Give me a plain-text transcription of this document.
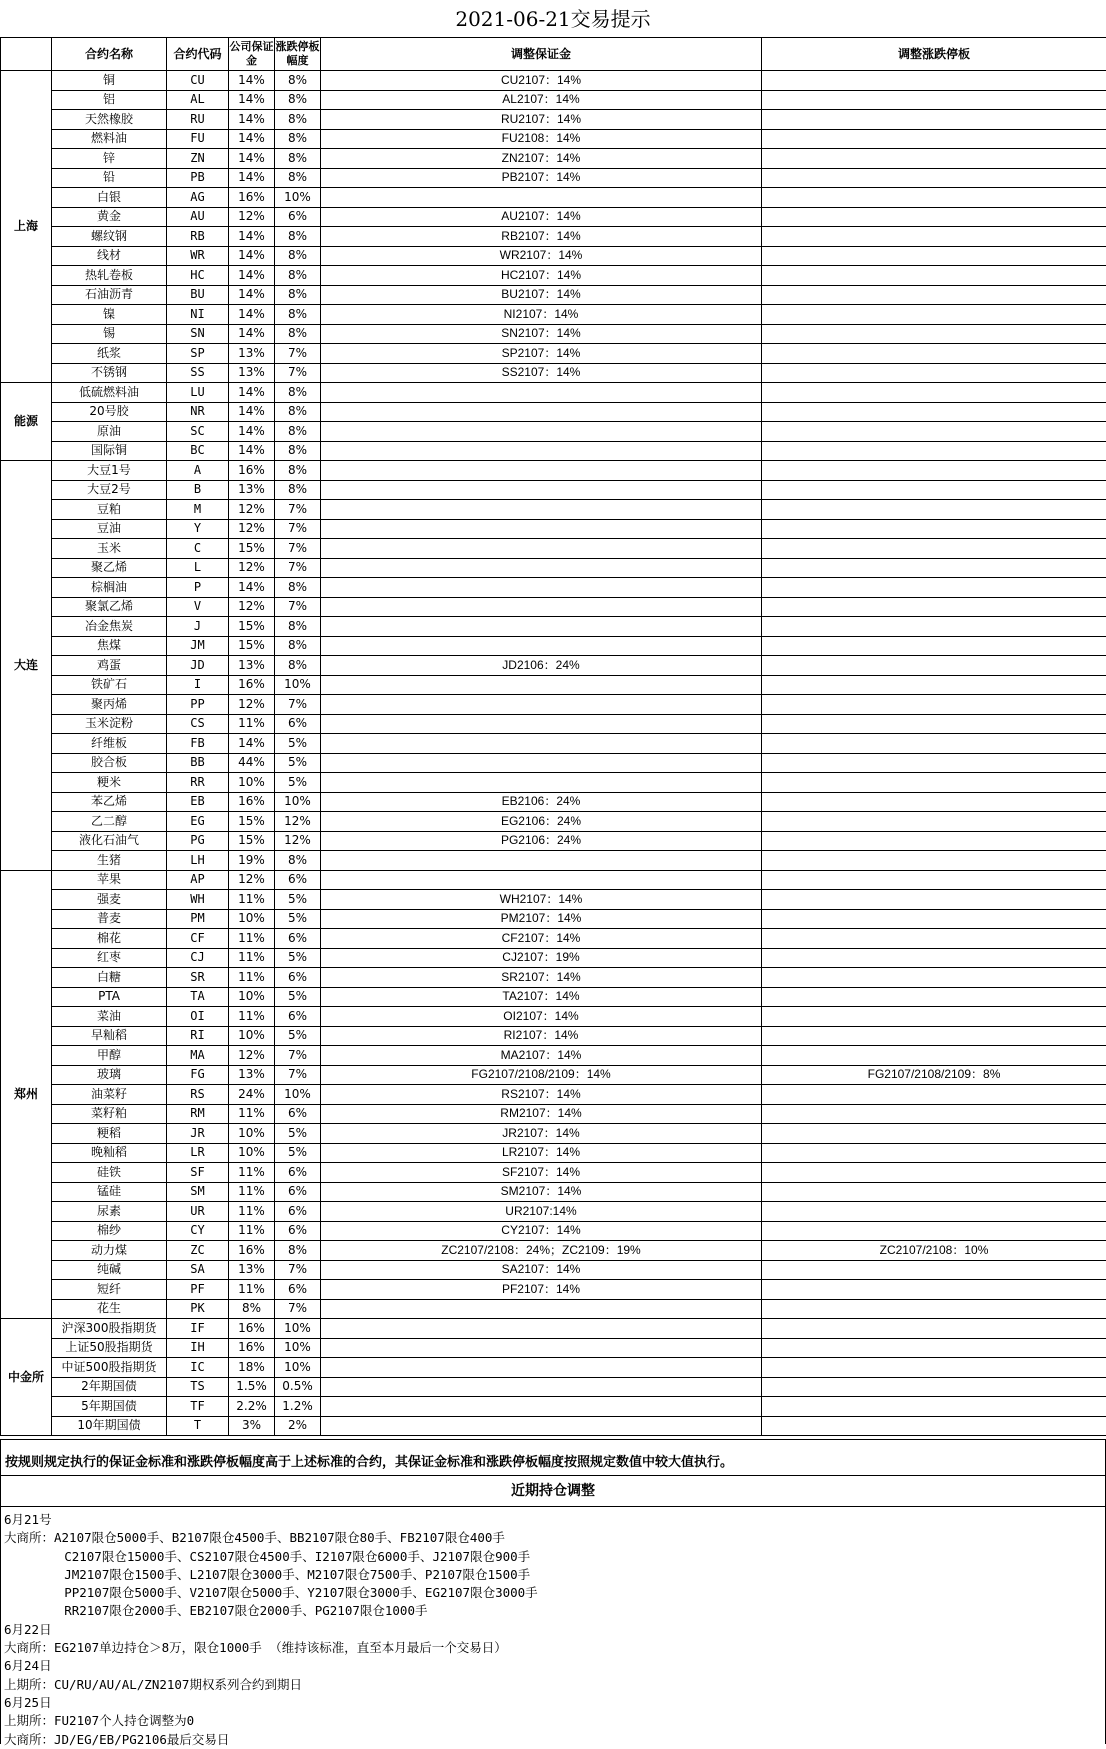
2021-06-21交易提示
	合约名称	合约代码	公司保证金	涨跌停板幅度	调整保证金	调整涨跌停板
上海	铜	CU	14%	8%	CU2107：14%	
	铝	AL	14%	8%	AL2107：14%	
	天然橡胶	RU	14%	8%	RU2107：14%	
	燃料油	FU	14%	8%	FU2108：14%	
	锌	ZN	14%	8%	ZN2107：14%	
	铅	PB	14%	8%	PB2107：14%	
	白银	AG	16%	10%		
	黄金	AU	12%	6%	AU2107：14%	
	螺纹钢	RB	14%	8%	RB2107：14%	
	线材	WR	14%	8%	WR2107：14%	
	热轧卷板	HC	14%	8%	HC2107：14%	
	石油沥青	BU	14%	8%	BU2107：14%	
	镍	NI	14%	8%	NI2107：14%	
	锡	SN	14%	8%	SN2107：14%	
	纸浆	SP	13%	7%	SP2107：14%	
	不锈钢	SS	13%	7%	SS2107：14%	
能源	低硫燃料油	LU	14%	8%		
	20号胶	NR	14%	8%		
	原油	SC	14%	8%		
	国际铜	BC	14%	8%		
大连	大豆1号	A	16%	8%		
	大豆2号	B	13%	8%		
	豆粕	M	12%	7%		
	豆油	Y	12%	7%		
	玉米	C	15%	7%		
	聚乙烯	L	12%	7%		
	棕榈油	P	14%	8%		
	聚氯乙烯	V	12%	7%		
	冶金焦炭	J	15%	8%		
	焦煤	JM	15%	8%		
	鸡蛋	JD	13%	8%	JD2106：24%	
	铁矿石	I	16%	10%		
	聚丙烯	PP	12%	7%		
	玉米淀粉	CS	11%	6%		
	纤维板	FB	14%	5%		
	胶合板	BB	44%	5%		
	粳米	RR	10%	5%		
	苯乙烯	EB	16%	10%	EB2106：24%	
	乙二醇	EG	15%	12%	EG2106：24%	
	液化石油气	PG	15%	12%	PG2106：24%	
	生猪	LH	19%	8%		
郑州	苹果	AP	12%	6%		
	强麦	WH	11%	5%	WH2107：14%	
	普麦	PM	10%	5%	PM2107：14%	
	棉花	CF	11%	6%	CF2107：14%	
	红枣	CJ	11%	5%	CJ2107：19%	
	白糖	SR	11%	6%	SR2107：14%	
	PTA	TA	10%	5%	TA2107：14%	
	菜油	OI	11%	6%	OI2107：14%	
	早籼稻	RI	10%	5%	RI2107：14%	
	甲醇	MA	12%	7%	MA2107：14%	
	玻璃	FG	13%	7%	FG2107/2108/2109：14%	FG2107/2108/2109：8%
	油菜籽	RS	24%	10%	RS2107：14%	
	菜籽粕	RM	11%	6%	RM2107：14%	
	粳稻	JR	10%	5%	JR2107：14%	
	晚籼稻	LR	10%	5%	LR2107：14%	
	硅铁	SF	11%	6%	SF2107：14%	
	锰硅	SM	11%	6%	SM2107：14%	
	尿素	UR	11%	6%	UR2107:14%	
	棉纱	CY	11%	6%	CY2107：14%	
	动力煤	ZC	16%	8%	ZC2107/2108：24%；ZC2109：19%	ZC2107/2108：10%
	纯碱	SA	13%	7%	SA2107：14%	
	短纤	PF	11%	6%	PF2107：14%	
	花生	PK	8%	7%		
中金所	沪深300股指期货	IF	16%	10%		
	上证50股指期货	IH	16%	10%		
	中证500股指期货	IC	18%	10%		
	2年期国债	TS	1.5%	0.5%		
	5年期国债	TF	2.2%	1.2%		
	10年期国债	T	3%	2%		
按规则规定执行的保证金标准和涨跌停板幅度高于上述标准的合约，其保证金标准和涨跌停板幅度按照规定数值中较大值执行。
近期持仓调整
6月21号
大商所：A2107限仓5000手、B2107限仓4500手、BB2107限仓80手、FB2107限仓400手
C2107限仓15000手、CS2107限仓4500手、I2107限仓6000手、J2107限仓900手
JM2107限仓1500手、L2107限仓3000手、M2107限仓7500手、P2107限仓1500手
PP2107限仓5000手、V2107限仓5000手、Y2107限仓3000手、EG2107限仓3000手
RR2107限仓2000手、EB2107限仓2000手、PG2107限仓1000手
6月22日
大商所：EG2107单边持仓＞8万，限仓1000手 （维持该标准，直至本月最后一个交易日）
6月24日
上期所：CU/RU/AU/AL/ZN2107期权系列合约到期日
6月25日
上期所：FU2107个人持仓调整为0
大商所：JD/EG/EB/PG2106最后交易日
